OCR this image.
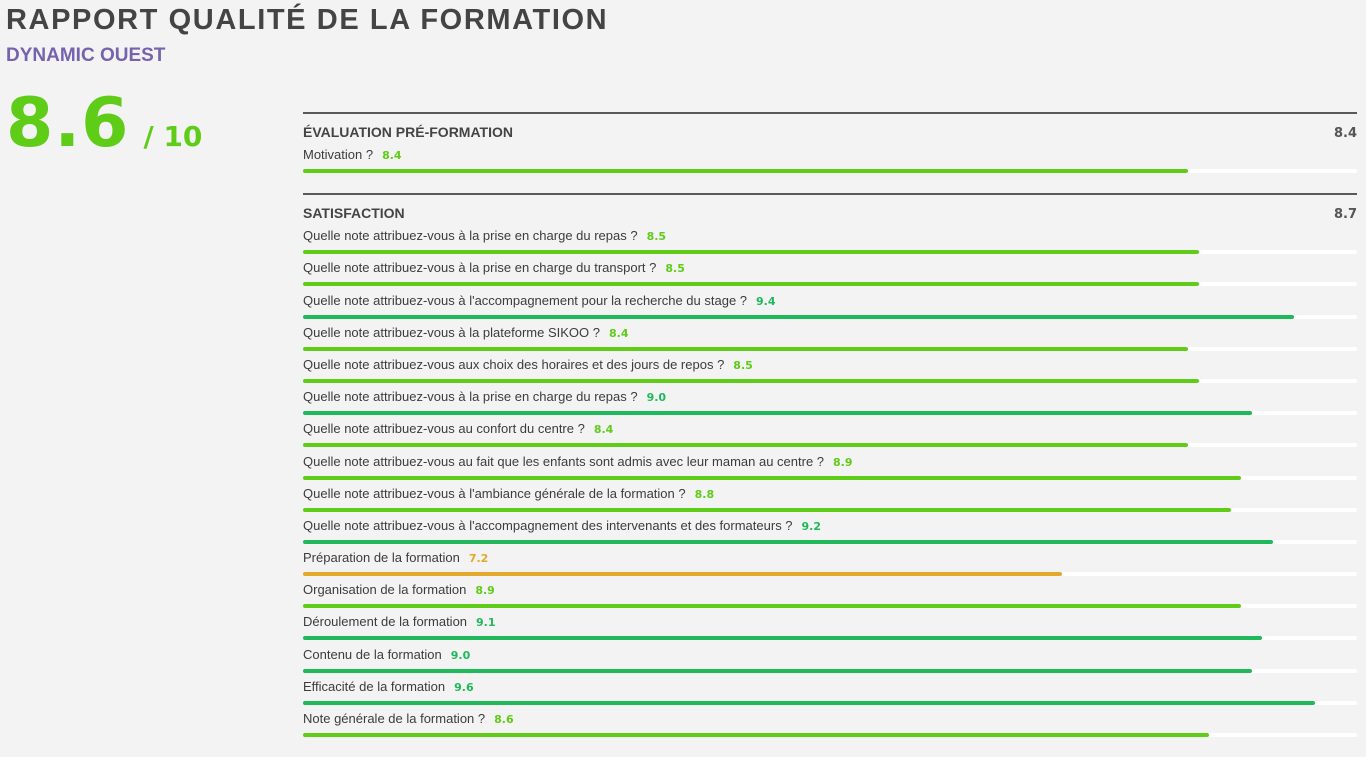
RAPPORT QUALITÉ DE LA FORMATION
DYNAMIC OUEST
8.6 / 10	ÉVALUATION PRÉ-FORMATION	8.4
Motivation ? 8.4
SATISFACTION	8.7
Quelle note attribuez-vous à la prise en charge du repas ? 8.5
Quelle note attribuez-vous à la prise en charge du transport ? 8.5
Quelle note attribuez-vous à l'accompagnement pour la recherche du stage ? 9.4
Quelle note attribuez-vous à la plateforme SIKOO ? 8.4
Quelle note attribuez-vous aux choix des horaires et des jours de repos ? 8.5
Quelle note attribuez-vous à la prise en charge du repas ? 9.0
Quelle note attribuez-vous au confort du centre ? 8.4
Quelle note attribuez-vous au fait que les enfants sont admis avec leur maman au centre ? 8.9
Quelle note attribuez-vous à l'ambiance générale de la formation ? 8.8
Quelle note attribuez-vous à l'accompagnement des intervenants et des formateurs ? 9.2
Préparation de la formation 7.2
Organisation de la formation 8.9
Déroulement de la formation 9.1
Contenu de la formation 9.0
Efficacité de la formation 9.6
Note générale de la formation ? 8.6
